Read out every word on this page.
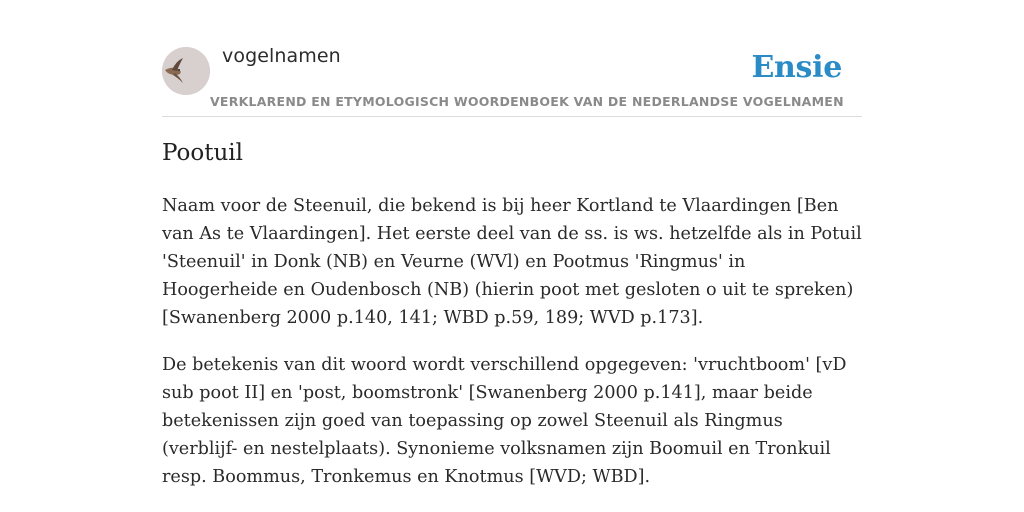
vogelnamen	Ensie
VERKLAREND EN ETYMOLOGISCH WOORDENBOEK VAN DE NEDERLANDSE VOGELNAMEN
Pootuil

Naam voor de Steenuil, die bekend is bij heer Kortland te Vlaardingen [Ben van As te Vlaardingen]. Het eerste deel van de ss. is ws. hetzelfde als in Potuil 'Steenuil' in Donk (NB) en Veurne (WVl) en Pootmus 'Ringmus' in Hoogerheide en Oudenbosch (NB) (hierin poot met gesloten o uit te spreken) [Swanenberg 2000 p.140, 141; WBD p.59, 189; WVD p.173].

De betekenis van dit woord wordt verschillend opgegeven: 'vruchtboom' [vD sub poot II] en 'post, boomstronk' [Swanenberg 2000 p.141], maar beide betekenissen zijn goed van toepassing op zowel Steenuil als Ringmus (verblijf- en nestelplaats). Synonieme volksnamen zijn Boomuil en Tronkuil resp. Boommus, Tronkemus en Knotmus [WVD; WBD].
